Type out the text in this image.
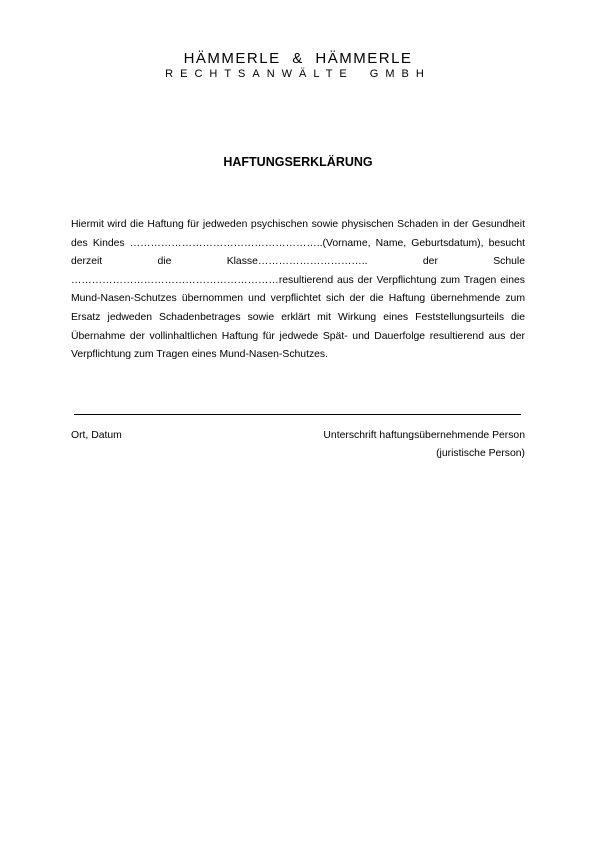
HÄMMERLE & HÄMMERLE
RECHTSANWÄLTE GMBH
HAFTUNGSERKLÄRUNG

Hiermit wird die Haftung für jedweden psychischen sowie physischen Schaden in der Gesundheit des Kindes ………………………………………………..(Vorname, Name, Geburtsdatum), besucht derzeit die Klasse………………………….. der Schule ……………………………………………………resultierend aus der Verpflichtung zum Tragen eines Mund-Nasen-Schutzes übernommen und verpflichtet sich der die Haftung übernehmende zum Ersatz jedweden Schadenbetrages sowie erklärt mit Wirkung eines Feststellungsurteils die Übernahme der vollinhaltlichen Haftung für jedwede Spät- und Dauerfolge resultierend aus der Verpflichtung zum Tragen eines Mund-Nasen-Schutzes.

Ort, Datum	Unterschrift haftungsübernehmende Person
(juristische Person)
